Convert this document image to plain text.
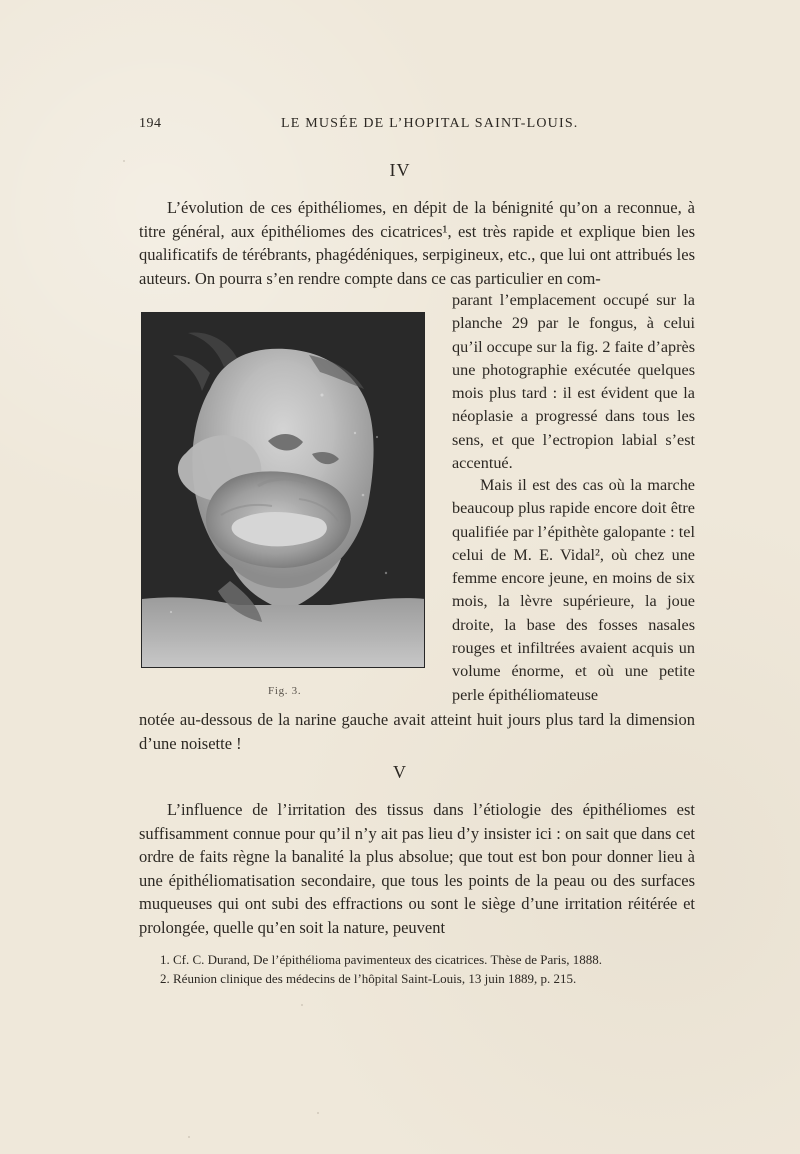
194	LE MUSÉE DE L’HOPITAL SAINT-LOUIS.
IV

L’évolution de ces épithéliomes, en dépit de la bénignité qu’on a reconnue, à titre général, aux épithéliomes des cicatrices¹, est très rapide et explique bien les qualificatifs de térébrants, phagédéniques, serpigineux, etc., que lui ont attribués les auteurs. On pourra s’en rendre compte dans ce cas particulier en com-

Fig. 3.

parant l’emplacement occupé sur la planche 29 par le fongus, à celui qu’il occupe sur la fig. 2 faite d’après une photographie exécutée quelques mois plus tard : il est évident que la néoplasie a progressé dans tous les sens, et que l’ectropion labial s’est accentué.

Mais il est des cas où la marche beaucoup plus rapide encore doit être qualifiée par l’épithète galopante : tel celui de M. E. Vidal², où chez une femme encore jeune, en moins de six mois, la lèvre supérieure, la joue droite, la base des fosses nasales rouges et infiltrées avaient acquis un volume énorme, et où une petite perle épithéliomateuse

notée au-dessous de la narine gauche avait atteint huit jours plus tard la dimension d’une noisette !

V

L’influence de l’irritation des tissus dans l’étiologie des épithéliomes est suffisamment connue pour qu’il n’y ait pas lieu d’y insister ici : on sait que dans cet ordre de faits règne la banalité la plus absolue; que tout est bon pour donner lieu à une épithéliomatisation secondaire, que tous les points de la peau ou des surfaces muqueuses qui ont subi des effractions ou sont le siège d’une irritation réitérée et prolongée, quelle qu’en soit la nature, peuvent

1. Cf. C. Durand, De l’épithélioma pavimenteux des cicatrices. Thèse de Paris, 1888.
2. Réunion clinique des médecins de l’hôpital Saint-Louis, 13 juin 1889, p. 215.
